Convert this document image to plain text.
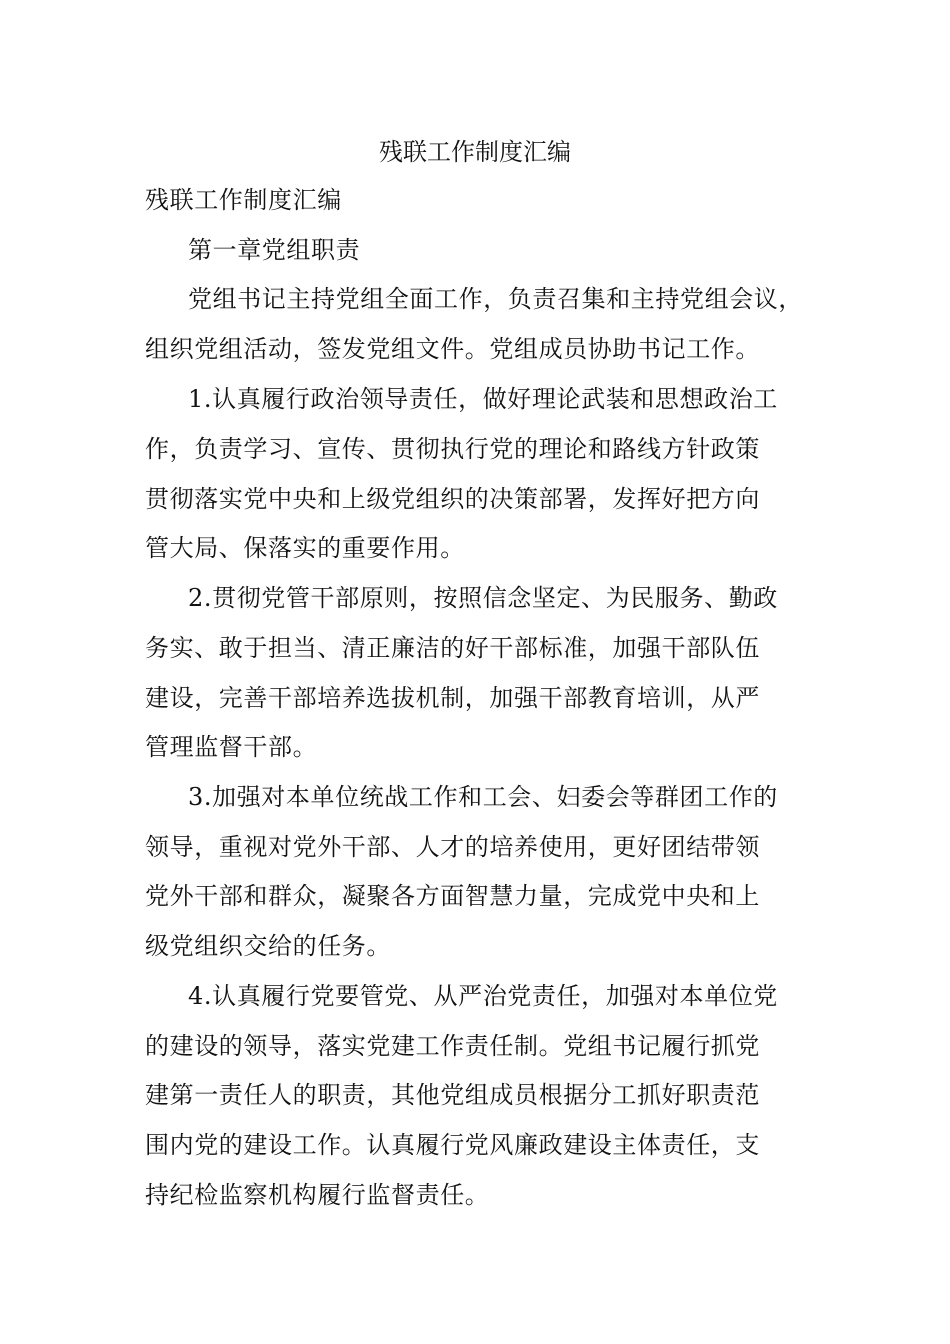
残联工作制度汇编
残联工作制度汇编
第一章党组职责
党组书记主持党组全面工作，负责召集和主持党组会议，
组织党组活动，签发党组文件。党组成员协助书记工作。
1.认真履行政治领导责任，做好理论武装和思想政治工
作，负责学习、宣传、贯彻执行党的理论和路线方针政策
贯彻落实党中央和上级党组织的决策部署，发挥好把方向
管大局、保落实的重要作用。
2.贯彻党管干部原则，按照信念坚定、为民服务、勤政
务实、敢于担当、清正廉洁的好干部标准，加强干部队伍
建设，完善干部培养选拔机制，加强干部教育培训，从严
管理监督干部。
3.加强对本单位统战工作和工会、妇委会等群团工作的
领导，重视对党外干部、人才的培养使用，更好团结带领
党外干部和群众，凝聚各方面智慧力量，完成党中央和上
级党组织交给的任务。
4.认真履行党要管党、从严治党责任，加强对本单位党
的建设的领导，落实党建工作责任制。党组书记履行抓党
建第一责任人的职责，其他党组成员根据分工抓好职责范
围内党的建设工作。认真履行党风廉政建设主体责任，支
持纪检监察机构履行监督责任。
